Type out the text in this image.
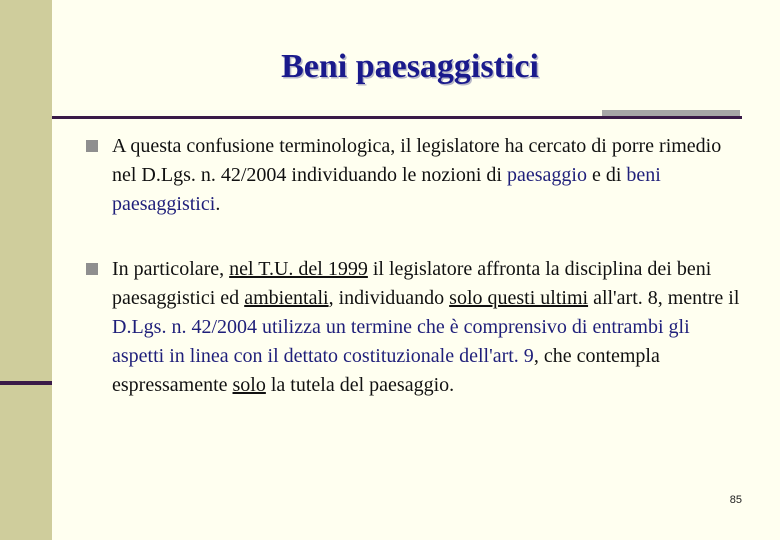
Beni paesaggistici
A questa confusione terminologica, il legislatore ha cercato di porre rimedio nel D.Lgs. n. 42/2004 individuando le nozioni di paesaggio e di beni paesaggistici.
In particolare, nel T.U. del 1999 il legislatore affronta la disciplina dei beni paesaggistici ed ambientali, individuando solo questi ultimi all'art. 8, mentre il D.Lgs. n. 42/2004 utilizza un termine che è comprensivo di entrambi gli aspetti in linea con il dettato costituzionale dell'art. 9, che contempla espressamente solo la tutela del paesaggio.
85
